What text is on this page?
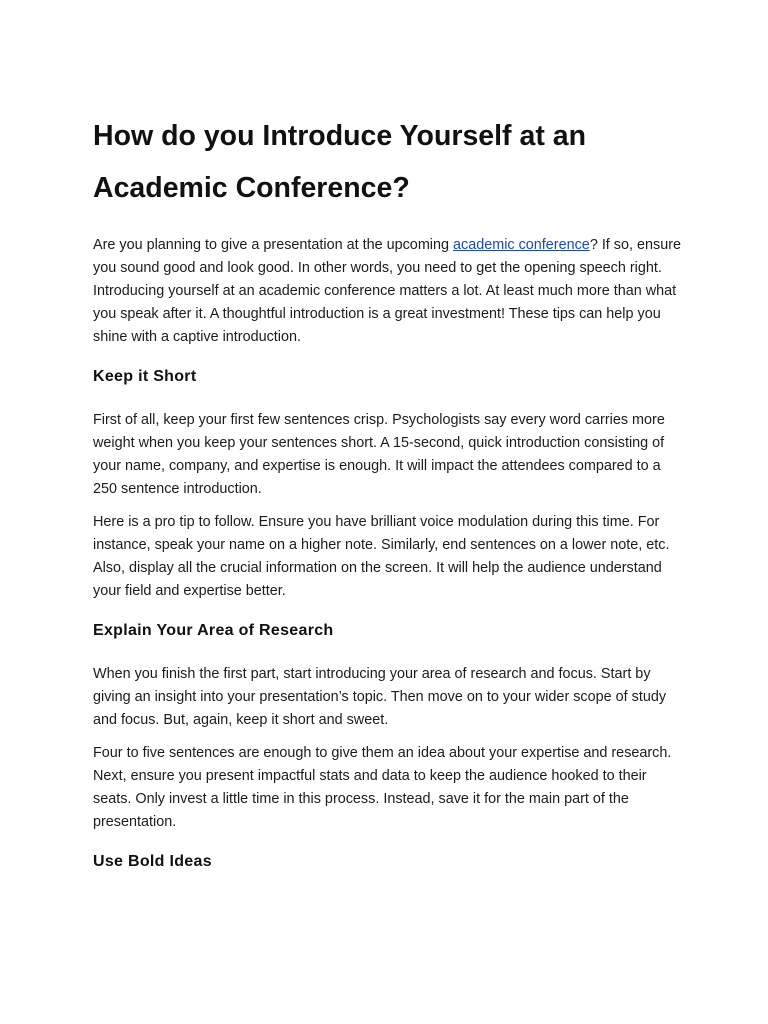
How do you Introduce Yourself at an Academic Conference?

Are you planning to give a presentation at the upcoming academic conference? If so, ensure you sound good and look good. In other words, you need to get the opening speech right. Introducing yourself at an academic conference matters a lot. At least much more than what you speak after it. A thoughtful introduction is a great investment! These tips can help you shine with a captive introduction.

Keep it Short

First of all, keep your first few sentences crisp. Psychologists say every word carries more weight when you keep your sentences short. A 15-second, quick introduction consisting of your name, company, and expertise is enough. It will impact the attendees compared to a 250 sentence introduction.

Here is a pro tip to follow. Ensure you have brilliant voice modulation during this time. For instance, speak your name on a higher note. Similarly, end sentences on a lower note, etc. Also, display all the crucial information on the screen. It will help the audience understand your field and expertise better.

Explain Your Area of Research

When you finish the first part, start introducing your area of research and focus. Start by giving an insight into your presentation’s topic. Then move on to your wider scope of study and focus. But, again, keep it short and sweet.

Four to five sentences are enough to give them an idea about your expertise and research. Next, ensure you present impactful stats and data to keep the audience hooked to their seats. Only invest a little time in this process. Instead, save it for the main part of the presentation.

Use Bold Ideas
